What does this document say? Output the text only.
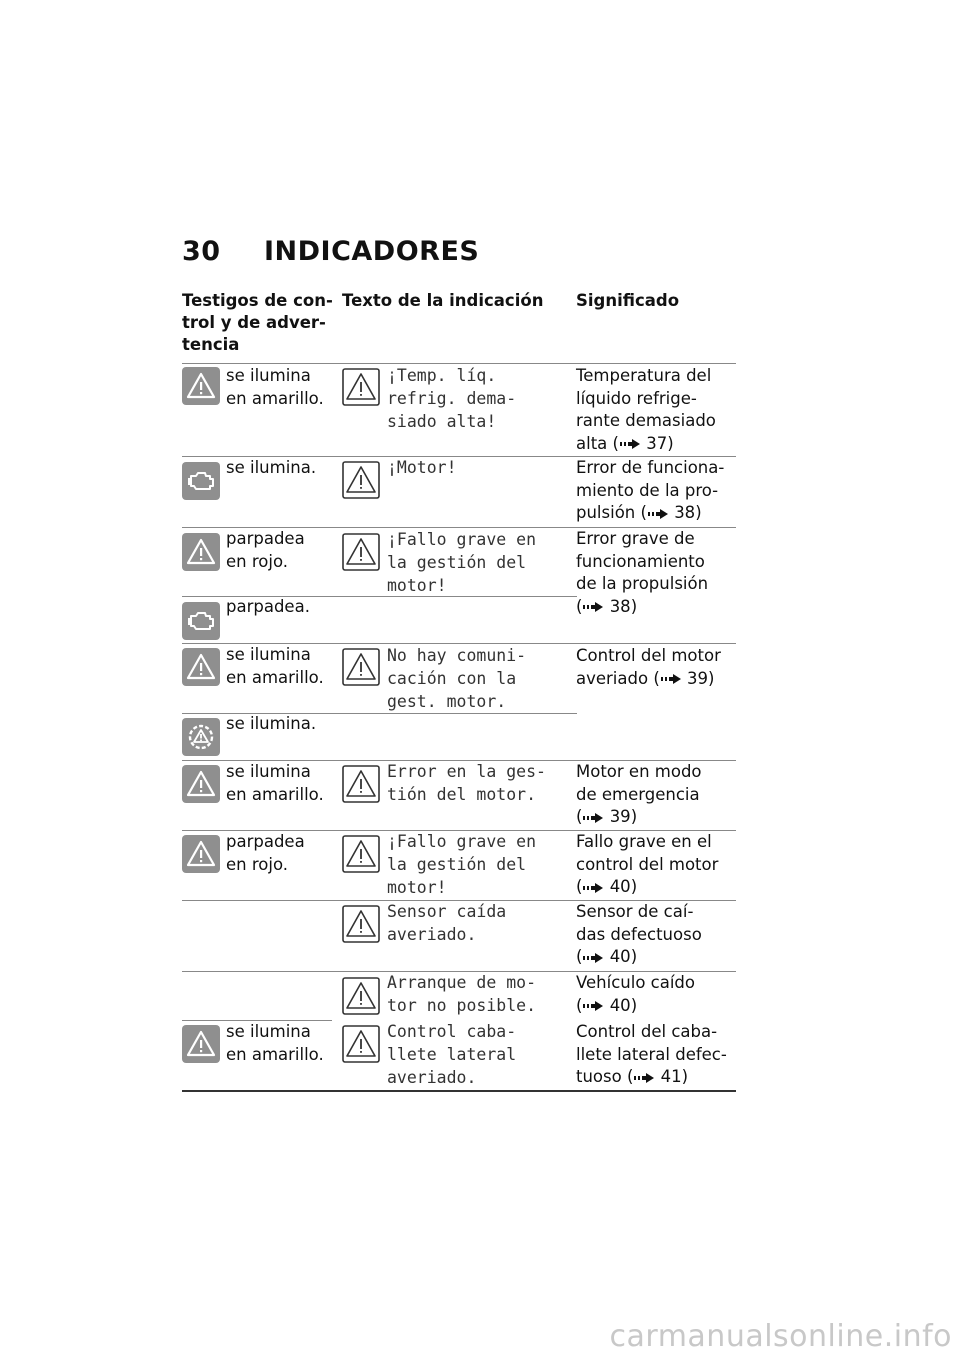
30 INDICADORES
Testigos de con-
trol y de adver-
tencia
Texto de la indicación Significado
se ilumina
en amarillo.
¡Temp. líq.
refrig. dema-
siado alta!
Temperatura del
líquido refrige-
rante demasiado
alta ( 37)
se ilumina.	¡Motor!	Error de funciona-
miento de la pro-
pulsión ( 38)
parpadea
en rojo.
¡Fallo grave en
la gestión del
motor!
Error grave de
funcionamiento
de la propulsión
( 38)
parpadea.
se ilumina
en amarillo.
No hay comuni-
cación con la
gest. motor.
Control del motor
averiado ( 39)
se ilumina.
se ilumina
en amarillo.
Error en la ges-
tión del motor.
Motor en modo
de emergencia
( 39)
parpadea
en rojo.
¡Fallo grave en
la gestión del
motor!
Fallo grave en el
control del motor
( 40)
Sensor caída
averiado.
Sensor de caí-
das defectuoso
( 40)
Arranque de mo-
tor no posible.
Vehículo caído
( 40)
se ilumina
en amarillo.
Control caba-
llete lateral
averiado.
Control del caba-
llete lateral defec-
tuoso ( 41)
carmanualsonline.info
